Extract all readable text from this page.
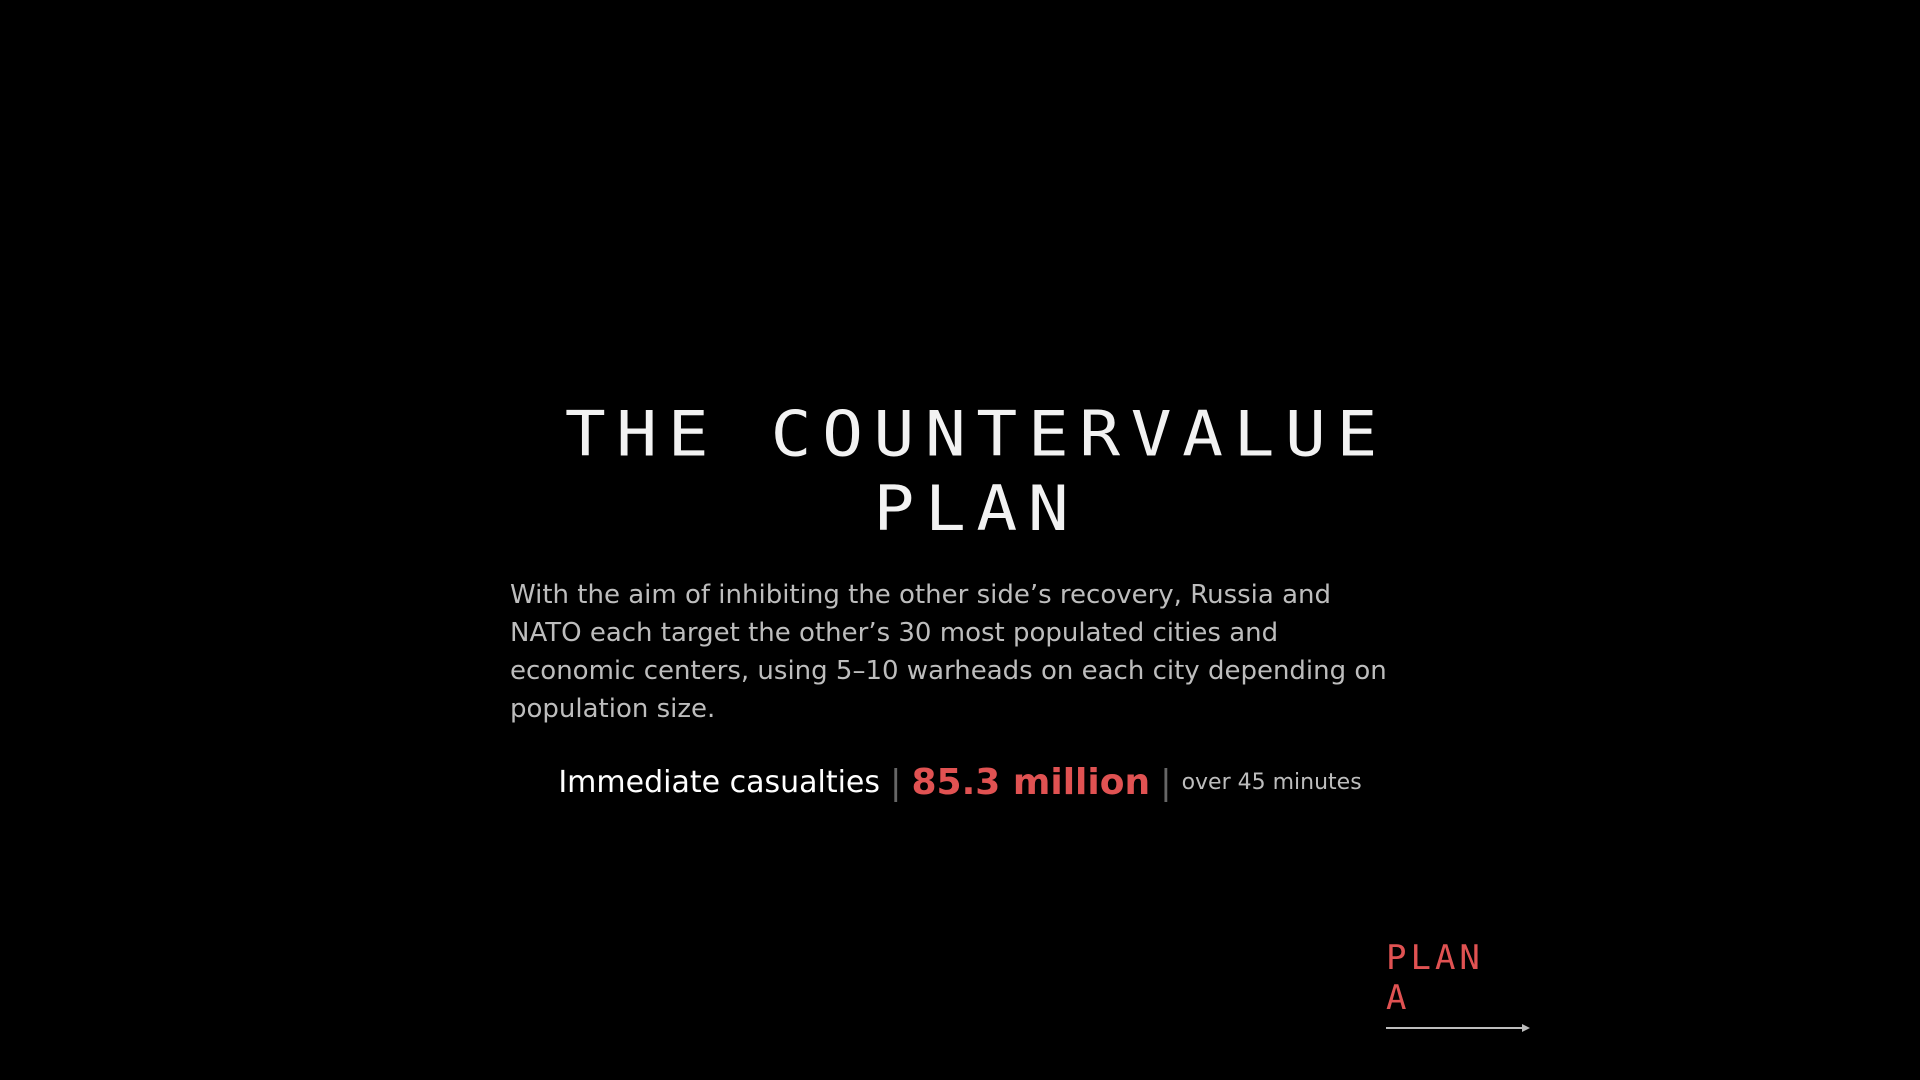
THE COUNTERVALUE PLAN

With the aim of inhibiting the other side’s recovery, Russia and NATO each target the other’s 30 most populated cities and economic centers, using 5–10 warheads on each city depending on population size.

Immediate casualties | 85.3 million | over 45 minutes
PLAN A
